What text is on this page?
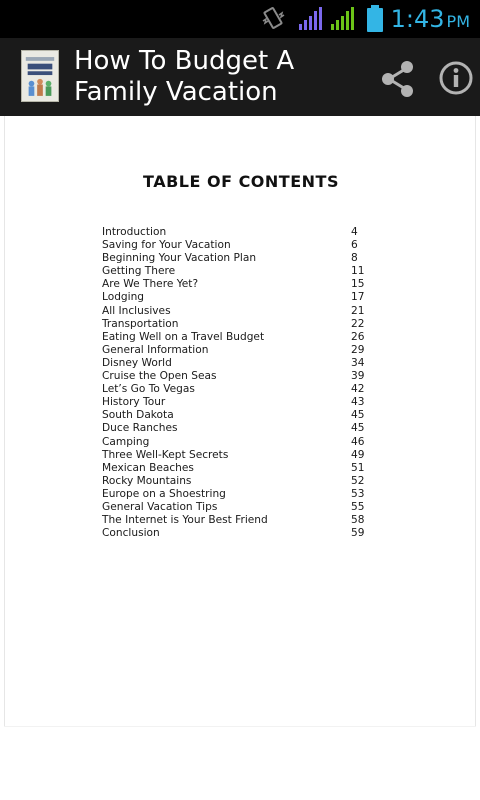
1:43 PM
How To Budget A Family Vacation
TABLE OF CONTENTS
Introduction	4
Saving for Your Vacation	6
Beginning Your Vacation Plan	8
Getting There	11
Are We There Yet?	15
Lodging	17
All Inclusives	21
Transportation	22
Eating Well on a Travel Budget	26
General Information	29
Disney World	34
Cruise the Open Seas	39
Let’s Go To Vegas	42
History Tour	43
South Dakota	45
Duce Ranches	45
Camping	46
Three Well-Kept Secrets	49
Mexican Beaches	51
Rocky Mountains	52
Europe on a Shoestring	53
General Vacation Tips	55
The Internet is Your Best Friend	58
Conclusion	59
